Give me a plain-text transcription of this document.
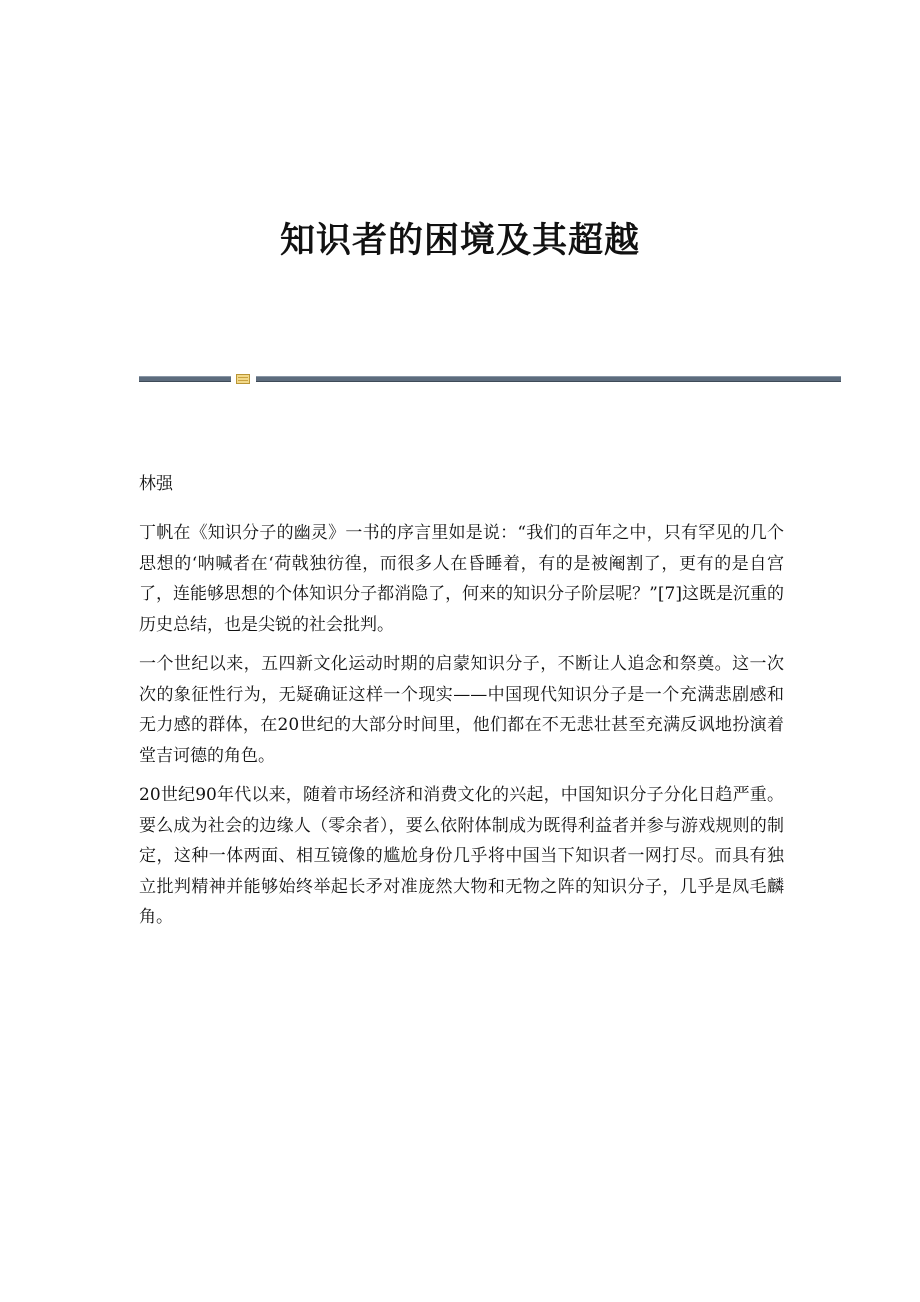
知识者的困境及其超越

林强

丁帆在《知识分子的幽灵》一书的序言里如是说：“我们的百年之中，只有罕见的几个思想的‘呐喊者在‘荷戟独彷徨，而很多人在昏睡着，有的是被阉割了，更有的是自宫了，连能够思想的个体知识分子都消隐了，何来的知识分子阶层呢？”[7]这既是沉重的历史总结，也是尖锐的社会批判。

一个世纪以来，五四新文化运动时期的启蒙知识分子，不断让人追念和祭奠。这一次次的象征性行为，无疑确证这样一个现实——中国现代知识分子是一个充满悲剧感和无力感的群体，在20世纪的大部分时间里，他们都在不无悲壮甚至充满反讽地扮演着堂吉诃德的角色。

20世纪90年代以来，随着市场经济和消费文化的兴起，中国知识分子分化日趋严重。要么成为社会的边缘人（零余者），要么依附体制成为既得利益者并参与游戏规则的制定，这种一体两面、相互镜像的尴尬身份几乎将中国当下知识者一网打尽。而具有独立批判精神并能够始终举起长矛对准庞然大物和无物之阵的知识分子，几乎是凤毛麟角。
